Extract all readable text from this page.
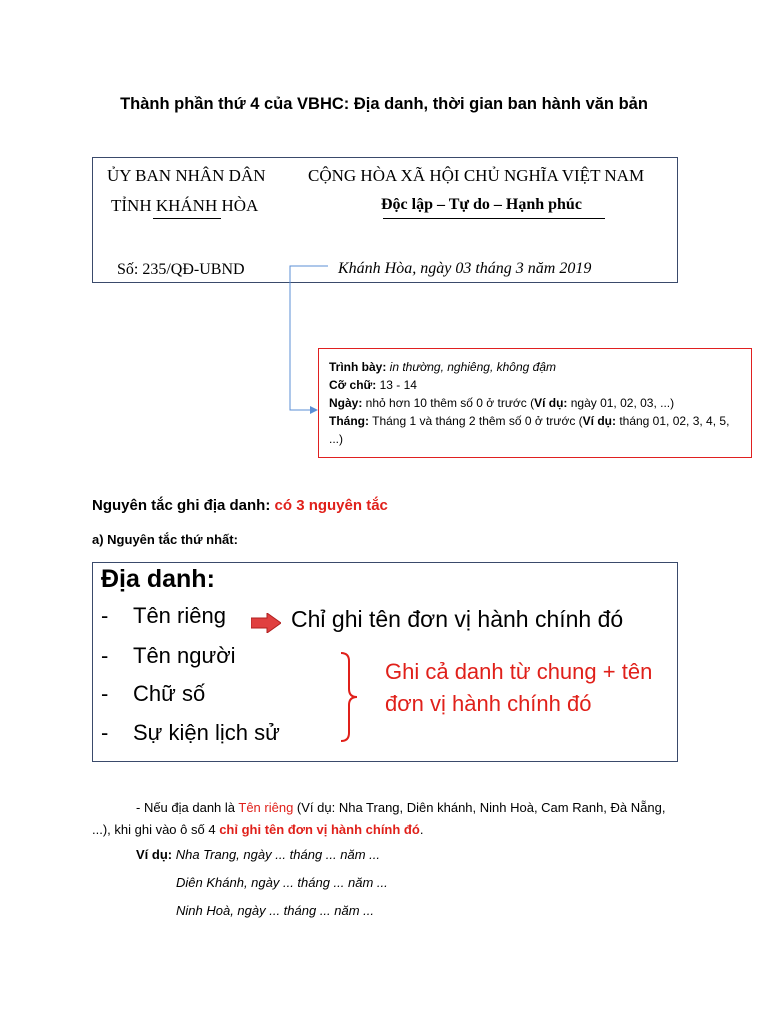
Thành phần thứ 4 của VBHC: Địa danh, thời gian ban hành văn bản
ỦY BAN NHÂN DÂN
TỈNH KHÁNH HÒA
CỘNG HÒA XÃ HỘI CHỦ NGHĨA VIỆT NAM
Độc lập – Tự do – Hạnh phúc
Số: 235/QĐ-UBND	Khánh Hòa, ngày 03 tháng 3 năm 2019
Trình bày: in thường, nghiêng, không đậm
Cỡ chữ: 13 - 14
Ngày: nhỏ hơn 10 thêm số 0 ở trước (Ví dụ: ngày 01, 02, 03, ...)
Tháng: Tháng 1 và tháng 2 thêm số 0 ở trước (Ví dụ: tháng 01, 02, 3, 4, 5, ...)
Nguyên tắc ghi địa danh: có 3 nguyên tắc
a) Nguyên tắc thứ nhất:
Địa danh:
- Tên riêng
- Tên người
- Chữ số
- Sự kiện lịch sử
Chỉ ghi tên đơn vị hành chính đó
Ghi cả danh từ chung + tên đơn vị hành chính đó
- Nếu địa danh là Tên riêng (Ví dụ: Nha Trang, Diên khánh, Ninh Hoà, Cam Ranh, Đà Nẵng, ...), khi ghi vào ô số 4 chỉ ghi tên đơn vị hành chính đó.
Ví dụ: Nha Trang, ngày ... tháng ... năm ...
Diên Khánh, ngày ... tháng ... năm ...
Ninh Hoà, ngày ... tháng ... năm ...
